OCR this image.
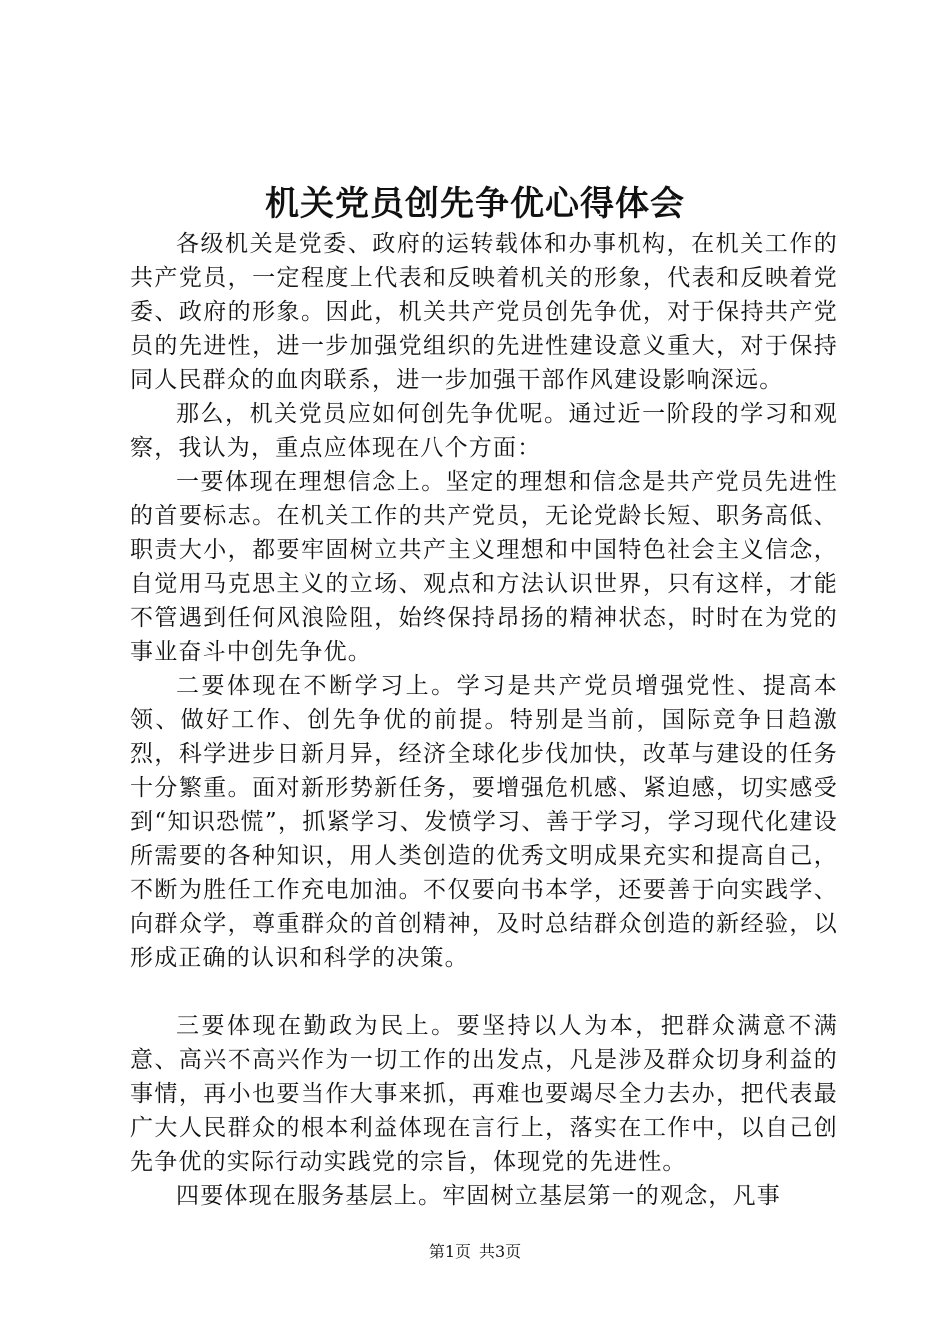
机关党员创先争优心得体会

各级机关是党委、政府的运转载体和办事机构，在机关工作的共产党员，一定程度上代表和反映着机关的形象，代表和反映着党委、政府的形象。因此，机关共产党员创先争优，对于保持共产党员的先进性，进一步加强党组织的先进性建设意义重大，对于保持同人民群众的血肉联系，进一步加强干部作风建设影响深远。

那么，机关党员应如何创先争优呢。通过近一阶段的学习和观察，我认为，重点应体现在八个方面：

一要体现在理想信念上。坚定的理想和信念是共产党员先进性的首要标志。在机关工作的共产党员，无论党龄长短、职务高低、职责大小，都要牢固树立共产主义理想和中国特色社会主义信念，自觉用马克思主义的立场、观点和方法认识世界，只有这样，才能不管遇到任何风浪险阻，始终保持昂扬的精神状态，时时在为党的事业奋斗中创先争优。

二要体现在不断学习上。学习是共产党员增强党性、提高本领、做好工作、创先争优的前提。特别是当前，国际竞争日趋激烈，科学进步日新月异，经济全球化步伐加快，改革与建设的任务十分繁重。面对新形势新任务，要增强危机感、紧迫感，切实感受到“知识恐慌”，抓紧学习、发愤学习、善于学习，学习现代化建设所需要的各种知识，用人类创造的优秀文明成果充实和提高自己，不断为胜任工作充电加油。不仅要向书本学，还要善于向实践学、向群众学，尊重群众的首创精神，及时总结群众创造的新经验，以形成正确的认识和科学的决策。

三要体现在勤政为民上。要坚持以人为本，把群众满意不满意、高兴不高兴作为一切工作的出发点，凡是涉及群众切身利益的事情，再小也要当作大事来抓，再难也要竭尽全力去办，把代表最广大人民群众的根本利益体现在言行上，落实在工作中，以自己创先争优的实际行动实践党的宗旨，体现党的先进性。

四要体现在服务基层上。牢固树立基层第一的观念，凡事

第1页 共3页
